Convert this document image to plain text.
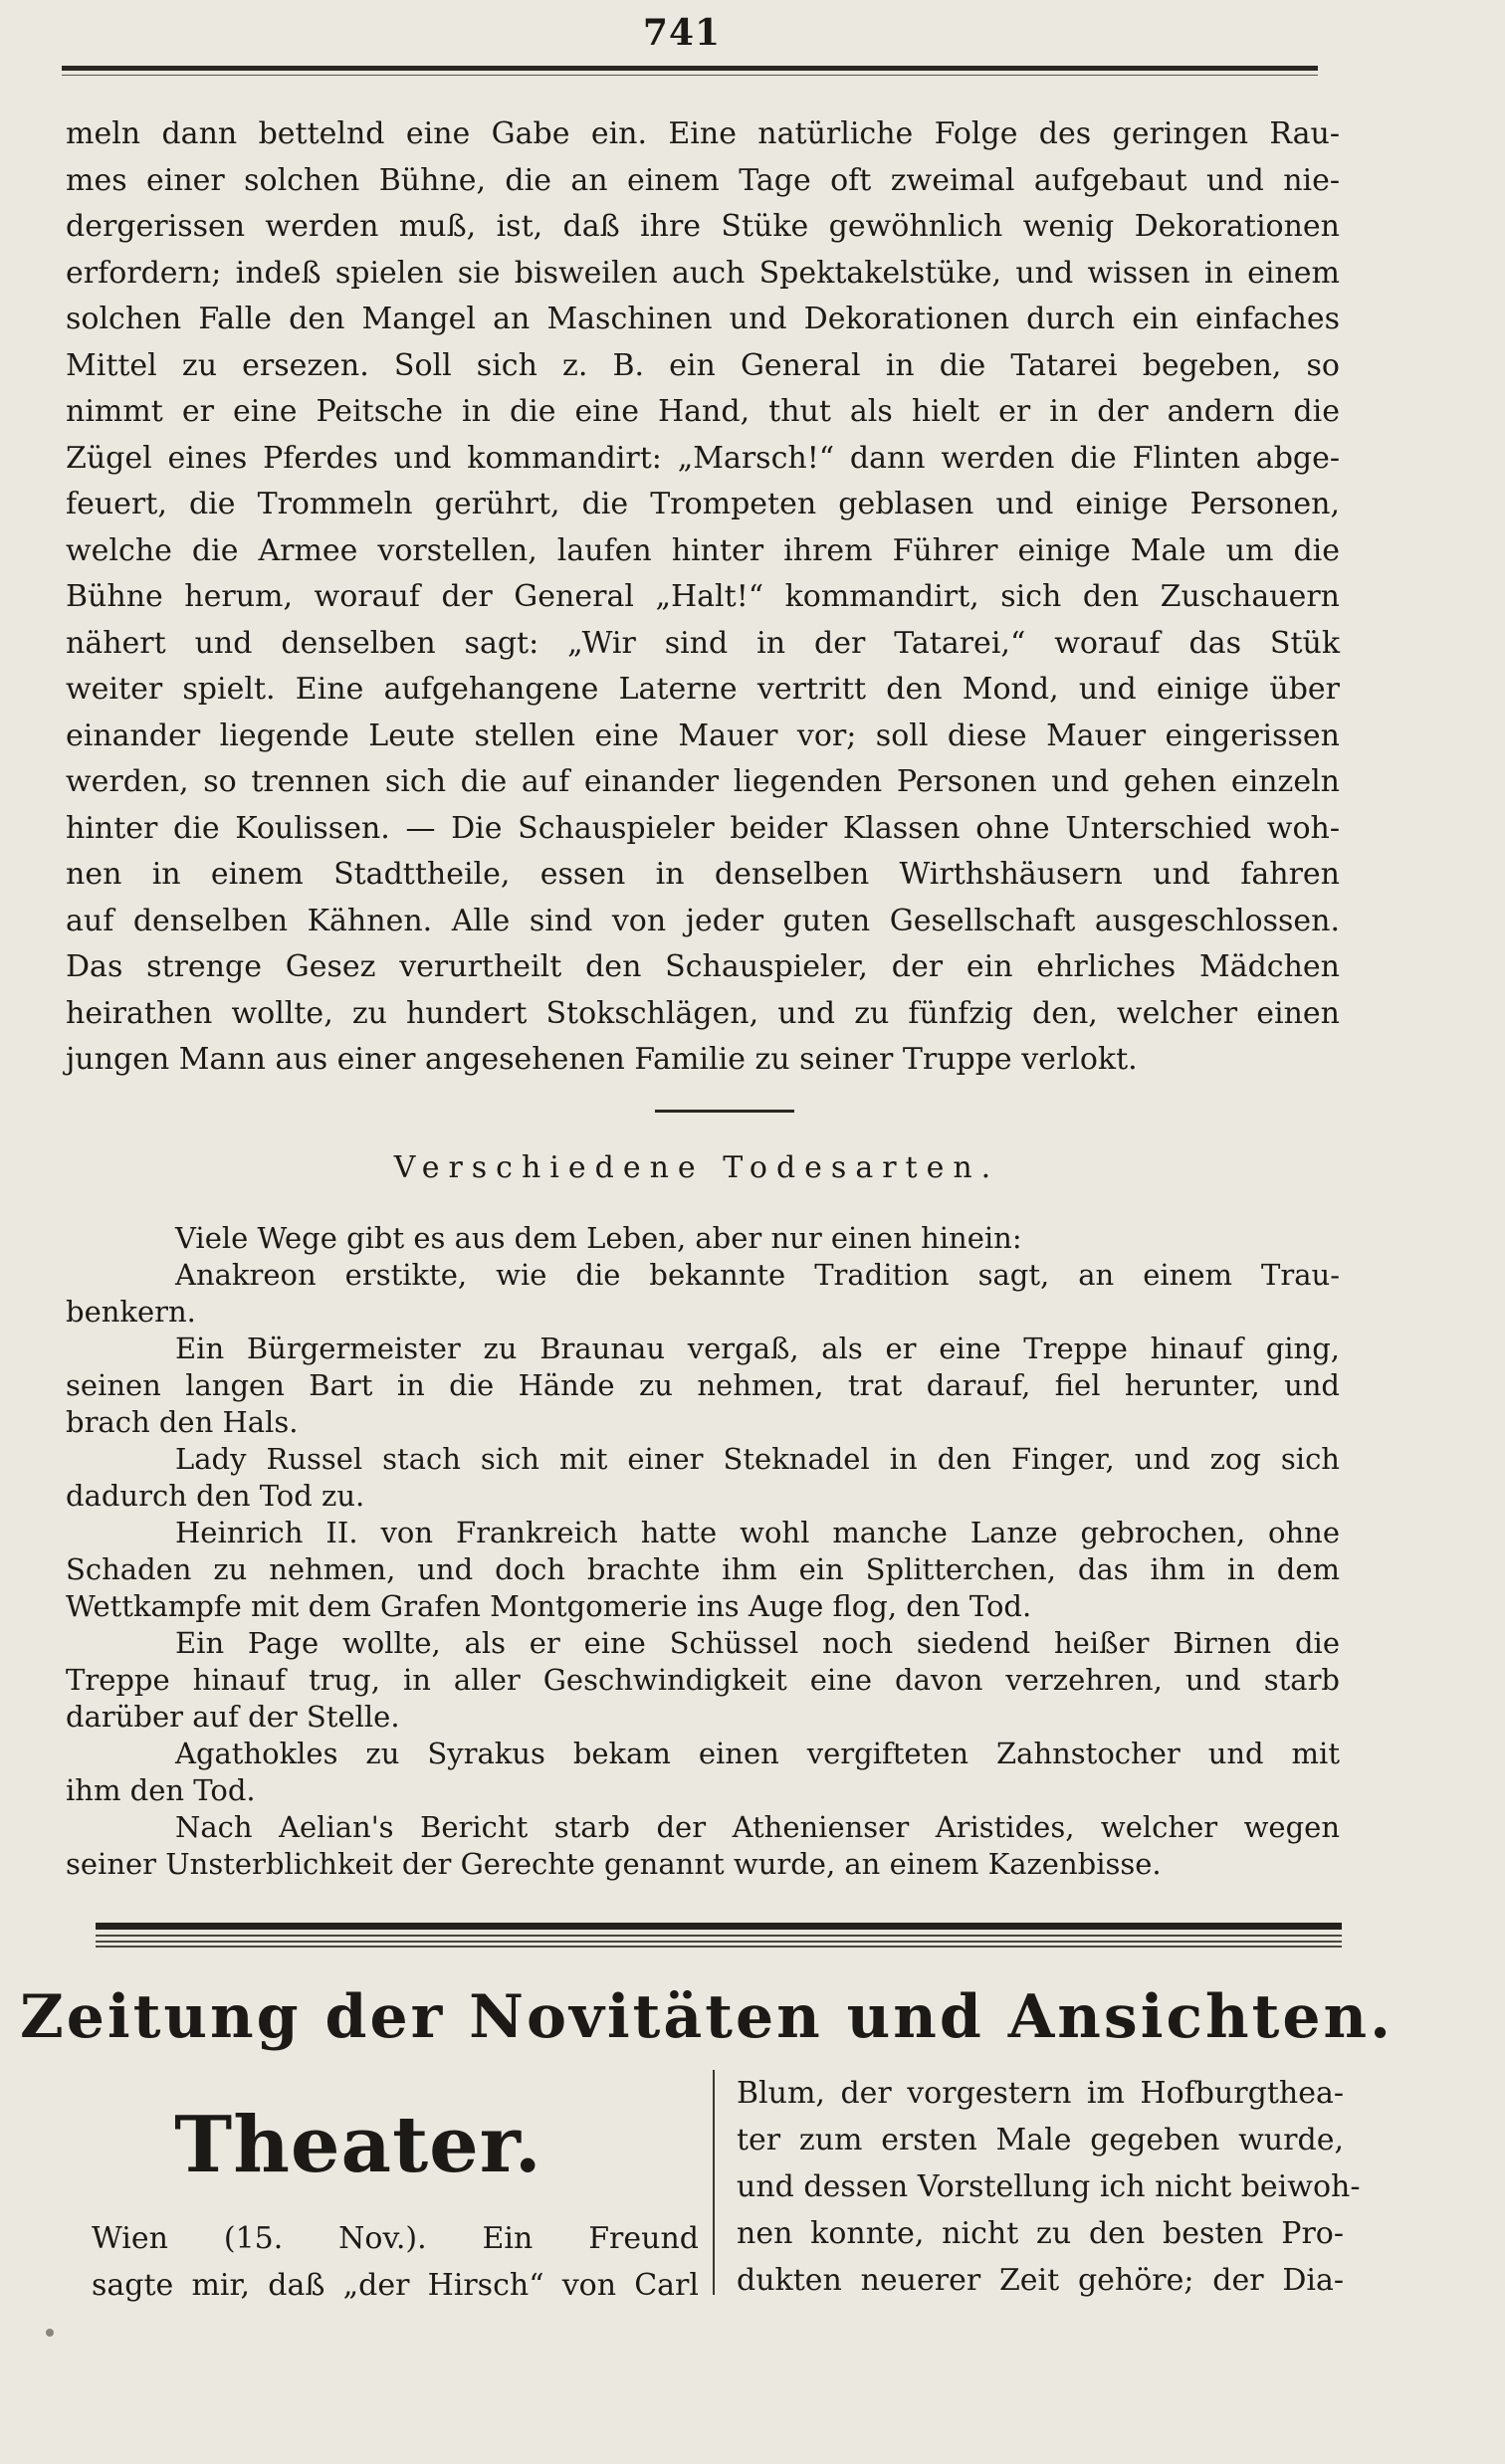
741
meln dann bettelnd eine Gabe ein. Eine natürliche Folge des geringen Rau-
mes einer solchen Bühne, die an einem Tage oft zweimal aufgebaut und nie-
dergerissen werden muß, ist, daß ihre Stüke gewöhnlich wenig Dekorationen
erfordern; indeß spielen sie bisweilen auch Spektakelstüke, und wissen in einem
solchen Falle den Mangel an Maschinen und Dekorationen durch ein einfaches
Mittel zu ersezen. Soll sich z. B. ein General in die Tatarei begeben, so
nimmt er eine Peitsche in die eine Hand, thut als hielt er in der andern die
Zügel eines Pferdes und kommandirt: „Marsch!“ dann werden die Flinten abge-
feuert, die Trommeln gerührt, die Trompeten geblasen und einige Personen,
welche die Armee vorstellen, laufen hinter ihrem Führer einige Male um die
Bühne herum, worauf der General „Halt!“ kommandirt, sich den Zuschauern
nähert und denselben sagt: „Wir sind in der Tatarei,“ worauf das Stük
weiter spielt. Eine aufgehangene Laterne vertritt den Mond, und einige über
einander liegende Leute stellen eine Mauer vor; soll diese Mauer eingerissen
werden, so trennen sich die auf einander liegenden Personen und gehen einzeln
hinter die Koulissen. — Die Schauspieler beider Klassen ohne Unterschied woh-
nen in einem Stadttheile, essen in denselben Wirthshäusern und fahren
auf denselben Kähnen. Alle sind von jeder guten Gesellschaft ausgeschlossen.
Das strenge Gesez verurtheilt den Schauspieler, der ein ehrliches Mädchen
heirathen wollte, zu hundert Stokschlägen, und zu fünfzig den, welcher einen
jungen Mann aus einer angesehenen Familie zu seiner Truppe verlokt.
Verschiedene Todesarten.
Viele Wege gibt es aus dem Leben, aber nur einen hinein:
Anakreon erstikte, wie die bekannte Tradition sagt, an einem Trau-
benkern.
Ein Bürgermeister zu Braunau vergaß, als er eine Treppe hinauf ging,
seinen langen Bart in die Hände zu nehmen, trat darauf, fiel herunter, und
brach den Hals.
Lady Russel stach sich mit einer Steknadel in den Finger, und zog sich
dadurch den Tod zu.
Heinrich II. von Frankreich hatte wohl manche Lanze gebrochen, ohne
Schaden zu nehmen, und doch brachte ihm ein Splitterchen, das ihm in dem
Wettkampfe mit dem Grafen Montgomerie ins Auge flog, den Tod.
Ein Page wollte, als er eine Schüssel noch siedend heißer Birnen die
Treppe hinauf trug, in aller Geschwindigkeit eine davon verzehren, und starb
darüber auf der Stelle.
Agathokles zu Syrakus bekam einen vergifteten Zahnstocher und mit
ihm den Tod.
Nach Aelian's Bericht starb der Athenienser Aristides, welcher wegen
seiner Unsterblichkeit der Gerechte genannt wurde, an einem Kazenbisse.
Zeitung der Novitäten und Ansichten.
Theater.
Wien (15. Nov.). Ein Freund
sagte mir, daß „der Hirsch“ von Carl
Blum, der vorgestern im Hofburgthea-
ter zum ersten Male gegeben wurde,
und dessen Vorstellung ich nicht beiwoh-
nen konnte, nicht zu den besten Pro-
dukten neuerer Zeit gehöre; der Dia-
